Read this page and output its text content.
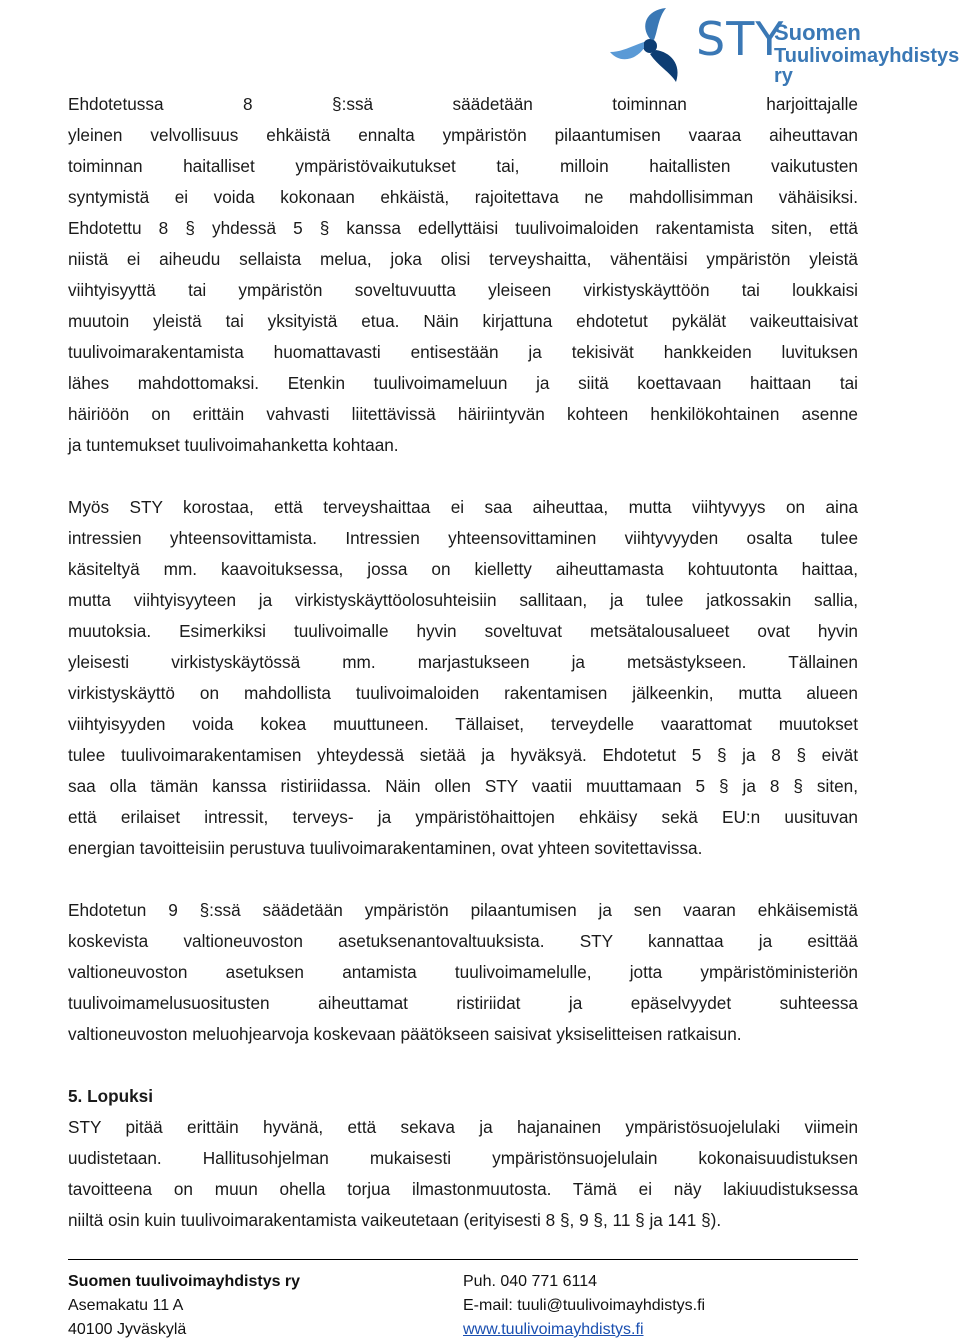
STY
Suomen
Tuulivoimayhdistys ry
Ehdotetussa 8 §:ssä säädetään toiminnan harjoittajalle
yleinen velvollisuus ehkäistä ennalta ympäristön pilaantumisen vaaraa aiheuttavan
toiminnan haitalliset ympäristövaikutukset tai, milloin haitallisten vaikutusten
syntymistä ei voida kokonaan ehkäistä, rajoitettava ne mahdollisimman vähäisiksi.
Ehdotettu 8 § yhdessä 5 § kanssa edellyttäisi tuulivoimaloiden rakentamista siten, että
niistä ei aiheudu sellaista melua, joka olisi terveyshaitta, vähentäisi ympäristön yleistä
viihtyisyyttä tai ympäristön soveltuvuutta yleiseen virkistyskäyttöön tai loukkaisi
muutoin yleistä tai yksityistä etua. Näin kirjattuna ehdotetut pykälät vaikeuttaisivat
tuulivoimarakentamista huomattavasti entisestään ja tekisivät hankkeiden luvituksen
lähes mahdottomaksi. Etenkin tuulivoimameluun ja siitä koettavaan haittaan tai
häiriöön on erittäin vahvasti liitettävissä häiriintyvän kohteen henkilökohtainen asenne
ja tuntemukset tuulivoimahanketta kohtaan.
Myös STY korostaa, että terveyshaittaa ei saa aiheuttaa, mutta viihtyvyys on aina
intressien yhteensovittamista. Intressien yhteensovittaminen viihtyvyyden osalta tulee
käsiteltyä mm. kaavoituksessa, jossa on kielletty aiheuttamasta kohtuutonta haittaa,
mutta viihtyisyyteen ja virkistyskäyttöolosuhteisiin sallitaan, ja tulee jatkossakin sallia,
muutoksia. Esimerkiksi tuulivoimalle hyvin soveltuvat metsätalousalueet ovat hyvin
yleisesti virkistyskäytössä mm. marjastukseen ja metsästykseen. Tällainen
virkistyskäyttö on mahdollista tuulivoimaloiden rakentamisen jälkeenkin, mutta alueen
viihtyisyyden voida kokea muuttuneen. Tällaiset, terveydelle vaarattomat muutokset
tulee tuulivoimarakentamisen yhteydessä sietää ja hyväksyä. Ehdotetut 5 § ja 8 § eivät
saa olla tämän kanssa ristiriidassa. Näin ollen STY vaatii muuttamaan 5 § ja 8 § siten,
että erilaiset intressit, terveys- ja ympäristöhaittojen ehkäisy sekä EU:n uusituvan
energian tavoitteisiin perustuva tuulivoimarakentaminen, ovat yhteen sovitettavissa.
Ehdotetun 9 §:ssä säädetään ympäristön pilaantumisen ja sen vaaran ehkäisemistä
koskevista valtioneuvoston asetuksenantovaltuuksista. STY kannattaa ja esittää
valtioneuvoston asetuksen antamista tuulivoimamelulle, jotta ympäristöministeriön
tuulivoimamelusuositusten aiheuttamat ristiriidat ja epäselvyydet suhteessa
valtioneuvoston meluohjearvoja koskevaan päätökseen saisivat yksiselitteisen ratkaisun.
5. Lopuksi
STY pitää erittäin hyvänä, että sekava ja hajanainen ympäristösuojelulaki viimein
uudistetaan. Hallitusohjelman mukaisesti ympäristönsuojelulain kokonaisuudistuksen
tavoitteena on muun ohella torjua ilmastonmuutosta. Tämä ei näy lakiuudistuksessa
niiltä osin kuin tuulivoimarakentamista vaikeutetaan (erityisesti 8 §, 9 §, 11 § ja 141 §).
Suomen tuulivoimayhdistys ry
Asemakatu 11 A
40100 Jyväskylä
Puh. 040 771 6114
E-mail: tuuli@tuulivoimayhdistys.fi
www.tuulivoimayhdistys.fi
